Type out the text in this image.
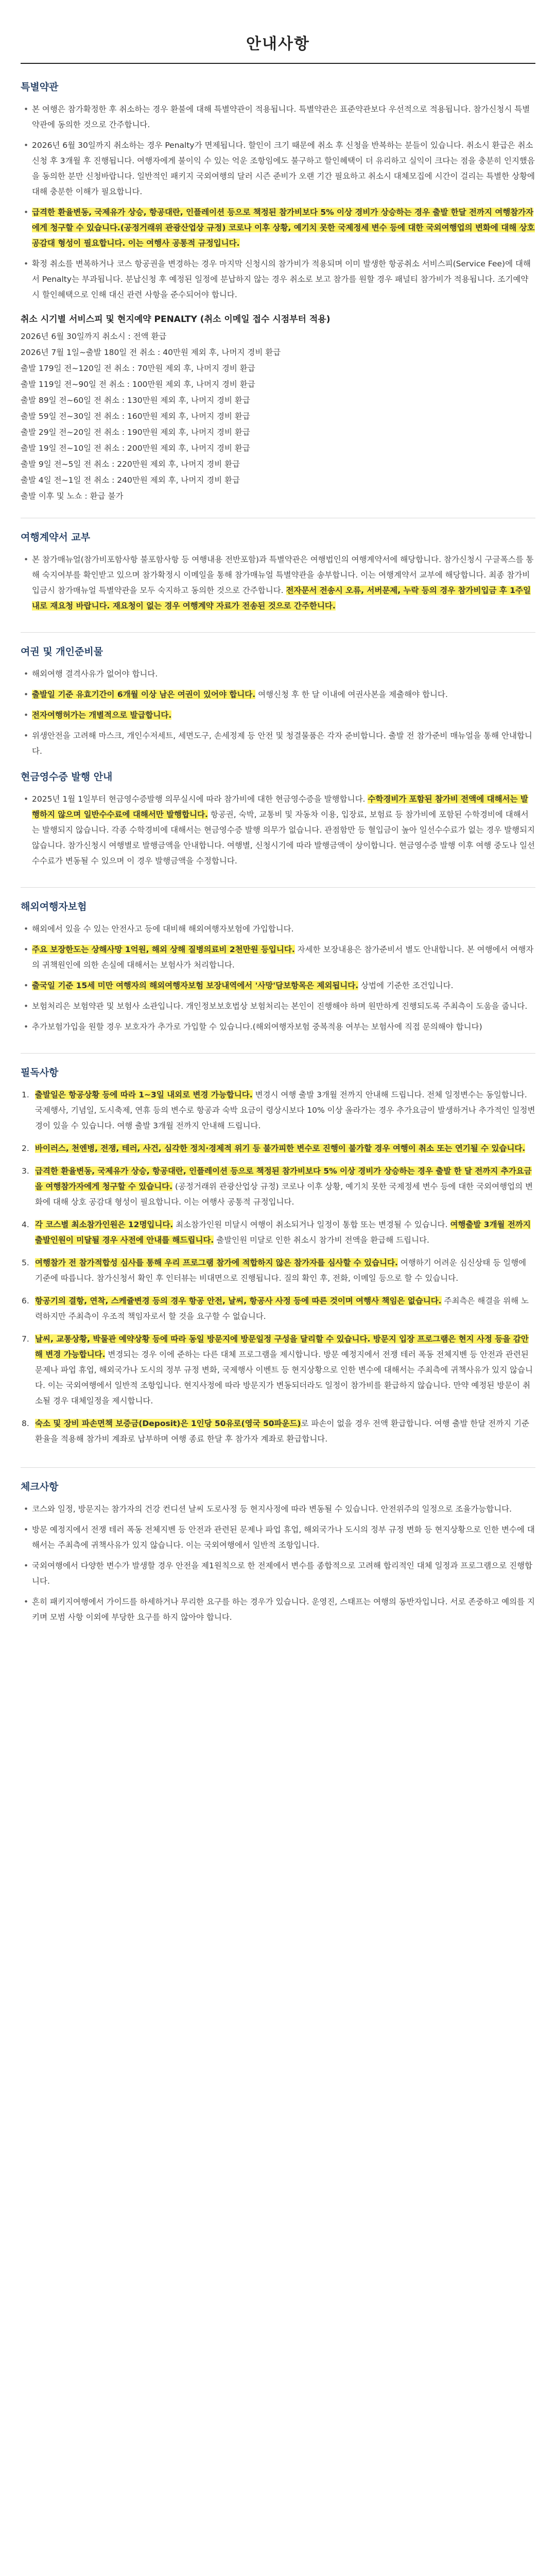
안내사항
특별약관
• 본 여행은 참가확정한 후 취소하는 경우 환불에 대해 특별약관이 적용됩니다. 특별약관은 표준약관보다 우선적으로 적용됩니다. 참가신청시 특별약관에 동의한 것으로 간주합니다.
• 2026년 6월 30일까지 취소하는 경우 Penalty가 면제됩니다. 할인이 크기 때문에 취소 후 신청을 반복하는 분들이 있습니다. 취소시 환급은 취소신청 후 3개월 후 진행됩니다. 여행자에게 불이익 수 있는 억운 조항임에도 불구하고 할인혜택이 더 유리하고 실익이 크다는 점을 충분히 인지했음을 동의한 분만 신청바랍니다. 일반적인 패키지 국외여행의 달러 시즌 준비가 오랜 기간 필요하고 취소시 대체모집에 시간이 걸리는 특별한 상황에 대해 충분한 이해가 필요합니다.
• 급격한 환율변동, 국제유가 상승, 항공대란, 인플레이션 등으로 책정된 참가비보다 5% 이상 경비가 상승하는 경우 출발 한달 전까지 여행참가자에게 청구할 수 있습니다.(공정거래위 관광산업상 규정) 코로나 이후 상황, 예기치 못한 국제정세 변수 등에 대한 국외여행업의 변화에 대해 상호 공감대 형성이 필요합니다. 이는 여행사 공통적 규정입니다.
• 확정 취소를 변복하거나 코스 항공권을 변경하는 경우 마지막 신청시의 참가비가 적용되며 이미 발생한 항공취소 서비스피(Service Fee)에 대해서 Penalty는 부과됩니다. 분납신청 후 예정된 일정에 분납하지 않는 경우 취소로 보고 참가를 원할 경우 패널티 참가비가 적용됩니다. 조기예약시 할인혜택으로 인해 대신 관련 사항을 준수되어야 합니다.
취소 시기별 서비스피 및 현지예약 PENALTY (취소 이메일 접수 시점부터 적용)
2026년 6월 30일까지 취소시 : 전액 환급
2026년 7월 1일~출발 180일 전 취소 : 40만원 제외 후, 나머지 경비 환급
출발 179일 전~120일 전 취소 : 70만원 제외 후, 나머지 경비 환급
출발 119일 전~90일 전 취소 : 100만원 제외 후, 나머지 경비 환급
출발 89일 전~60일 전 취소 : 130만원 제외 후, 나머지 경비 환급
출발 59일 전~30일 전 취소 : 160만원 제외 후, 나머지 경비 환급
출발 29일 전~20일 전 취소 : 190만원 제외 후, 나머지 경비 환급
출발 19일 전~10일 전 취소 : 200만원 제외 후, 나머지 경비 환급
출발 9일 전~5일 전 취소 : 220만원 제외 후, 나머지 경비 환급
출발 4일 전~1일 전 취소 : 240만원 제외 후, 나머지 경비 환급
출발 이후 및 노쇼 : 환급 불가
여행계약서 교부
• 본 참가매뉴얼(참가비포함사항 불포함사항 등 여행내용 전반포함)과 특별약관은 여행법인의 여행계약서에 해당합니다. 참가신청시 구글폭스를 통해 숙지여부를 확인받고 있으며 참가확정시 이메일을 통해 참가매뉴얼 특별약관을 송부합니다. 이는 여행계약서 교부에 해당합니다. 최종 참가비입금시 참가매뉴얼 특별약관을 모두 숙지하고 동의한 것으로 간주합니다. 전자문서 전송시 오류, 서버문제, 누락 등의 경우 참가비입금 후 1주일 내로 재요청 바랍니다. 재요청이 없는 경우 여행계약 자료가 전송된 것으로 간주한니다.
여권 및 개인준비물
• 해외여행 결격사유가 없어야 합니다.
• 출발일 기준 유효기간이 6개월 이상 남은 여권이 있어야 합니다. 여행신청 후 한 달 이내에 여권사본을 제출해야 합니다.
• 전자여행허가는 개별적으로 발급합니다.
• 위생안전을 고려해 마스크, 개인수저세트, 세면도구, 손세정제 등 안전 및 청결물품은 각자 준비합니다. 출발 전 참가준비 매뉴얼을 통해 안내합니다.
현금영수증 발행 안내
• 2025년 1월 1일부터 현금영수증발행 의무실시에 따라 참가비에 대한 현금영수증을 발행합니다. 수학경비가 포함된 참가비 전액에 대해서는 발행하지 않으며 일반수수료에 대해서만 발행합니다. 항공권, 숙박, 교통비 및 자동차 이용, 입장료, 보험료 등 참가비에 포함된 수학경비에 대해서는 발행되지 않습니다. 각종 수학경비에 대해서는 현금영수증 발행 의무가 없습니다. 관점함만 등 혈입금이 높아 일선수수료가 없는 경우 발행되지 않습니다. 참가신청시 여행별로 발행금액을 안내합니다. 여행별, 신청시기에 따라 발행금액이 상이합니다. 현금영수증 발행 이후 여행 중도나 일선수수료가 변동될 수 있으며 이 경우 발행금액을 수정합니다.
해외여행자보험
• 해외에서 있을 수 있는 안전사고 등에 대비해 해외여행자보험에 가입합니다.
• 주요 보장한도는 상해사망 1억원, 해외 상해 질병의료비 2천만원 등입니다. 자세한 보장내용은 참가준비서 별도 안내합니다. 본 여행에서 여행자의 귀책원인에 의한 손실에 대해서는 보험사가 처리합니다.
• 출국일 기준 15세 미만 여행자의 해외여행자보험 보장내역에서 '사망'담보항목은 제외됩니다. 상법에 기준한 조건입니다.
• 보험처리은 보험약관 및 보험사 소관입니다. 개인정보보호법상 보험처리는 본인이 진행해야 하며 원만하게 진행되도록 주최측이 도움을 줍니다.
• 추가보험가입을 원할 경우 보호자가 추가로 가입할 수 있습니다.(해외여행자보험 중복적용 여부는 보험사에 직접 문의해야 합니다)
필독사항
1. 출발일은 항공상황 등에 따라 1~3일 내외로 변경 가능합니다. 변경시 여행 출발 3개월 전까지 안내해 드립니다. 전체 일정변수는 동일합니다. 국제행사, 기념일, 도시축제, 연휴 등의 변수로 항공과 숙박 요금이 령상시보다 10% 이상 올라가는 경우 추가요금이 발생하거나 추가적인 일정변경이 있을 수 있습니다. 여행 출발 3개월 전까지 안내해 드립니다.
2. 바이러스, 천엔병, 전쟁, 테러, 사건, 심각한 정치·경제적 위기 등 불가피한 변수로 진행이 불가할 경우 여행이 취소 또는 연기될 수 있습니다.
3. 급격한 환율변동, 국제유가 상승, 항공대란, 인플레이션 등으로 책정된 참가비보다 5% 이상 경비가 상승하는 경우 출발 한 달 전까지 추가요금을 여행참가자에게 청구할 수 있습니다. (공정거래위 관광산업상 규정) 코로나 이후 상황, 예기치 못한 국제정세 변수 등에 대한 국외여행업의 변화에 대해 상호 공감대 형성이 필요합니다. 이는 여행사 공통적 규정입니다.
4. 각 코스별 최소참가인원은 12명입니다. 최소참가인원 미달시 여행이 취소되거나 일정이 통합 또는 변경될 수 있습니다. 여행출발 3개월 전까지 출발인원이 미달될 경우 사전에 안내를 해드립니다. 출발인원 미달로 인한 취소시 참가비 전액을 환급해 드립니다.
5. 여행참가 전 참가적합성 심사를 통해 우리 프로그램 참가에 적합하지 않은 참가자를 심사할 수 있습니다. 여행하기 어려운 심신상태 등 일행에 기준에 따릅니다. 참가신청서 확인 후 인터뷰는 비대면으로 진행됩니다. 질의 확인 후, 전화, 이메일 등으로 할 수 있습니다.
6. 항공기의 결항, 연착, 스케쥴변경 등의 경우 항공 안전, 날씨, 항공사 사정 등에 따른 것이며 여행사 책임은 없습니다. 주최측은 해결을 위해 노력하지만 주최측이 우조적 책임자로서 할 것을 요구할 수 없습니다.
7. 날씨, 교통상황, 박물관 예약상황 등에 따라 동일 방문지에 방문일정 구성을 달리할 수 있습니다. 방문지 입장 프로그램은 현지 사정 등을 감안해 변경 가능합니다. 변경되는 경우 이에 준하는 다른 대체 프로그램을 제시합니다. 방문 예정지에서 전쟁 테러 폭동 전체지벤 등 안전과 관련된 문제나 파업 휴업, 해외국가나 도시의 정부 규정 변화, 국제행사 이벤트 등 현지상황으로 인한 변수에 대해서는 주최측에 귀책사유가 있지 않습니다. 이는 국외여행에서 일반적 조항입니다. 현지사정에 따라 방문지가 변동되더라도 일정이 참가비를 환급하지 않습니다. 만약 예정된 방문이 취소될 경우 대체일정을 제시합니다.
8. 숙소 및 장비 파손면책 보증금(Deposit)은 1인당 50유로(영국 50파운드)로 파손이 없을 경우 전액 환급합니다. 여행 출발 한달 전까지 기준환율을 적용해 참가비 계좌로 납부하며 여행 종료 한달 후 참가자 계좌로 환급합니다.
체크사항
• 코스와 일정, 방문지는 참가자의 건강 컨디션 날씨 도로사정 등 현지사정에 따라 변동될 수 있습니다. 안전위주의 일정으로 조율가능합니다.
• 방문 예정지에서 전쟁 테러 폭동 전체지벤 등 안전과 관련된 문제나 파업 휴업, 해외국가나 도시의 정부 규정 변화 등 현지상황으로 인한 변수에 대해서는 주최측에 귀책사유가 있지 않습니다. 이는 국외여행에서 일반적 조항입니다.
• 국외여행에서 다양한 변수가 발생할 경우 안전을 제1원칙으로 한 전제에서 변수를 종합적으로 고려해 합리적인 대체 일정과 프로그램으로 진행합니다.
• 흔히 패키지여행에서 가이드를 하세하거나 무리한 요구를 하는 경우가 있습니다. 운영진, 스태프는 여행의 동반자입니다. 서로 존중하고 예의를 지키며 모범 사항 이외에 부당한 요구를 하지 않아야 합니다.
